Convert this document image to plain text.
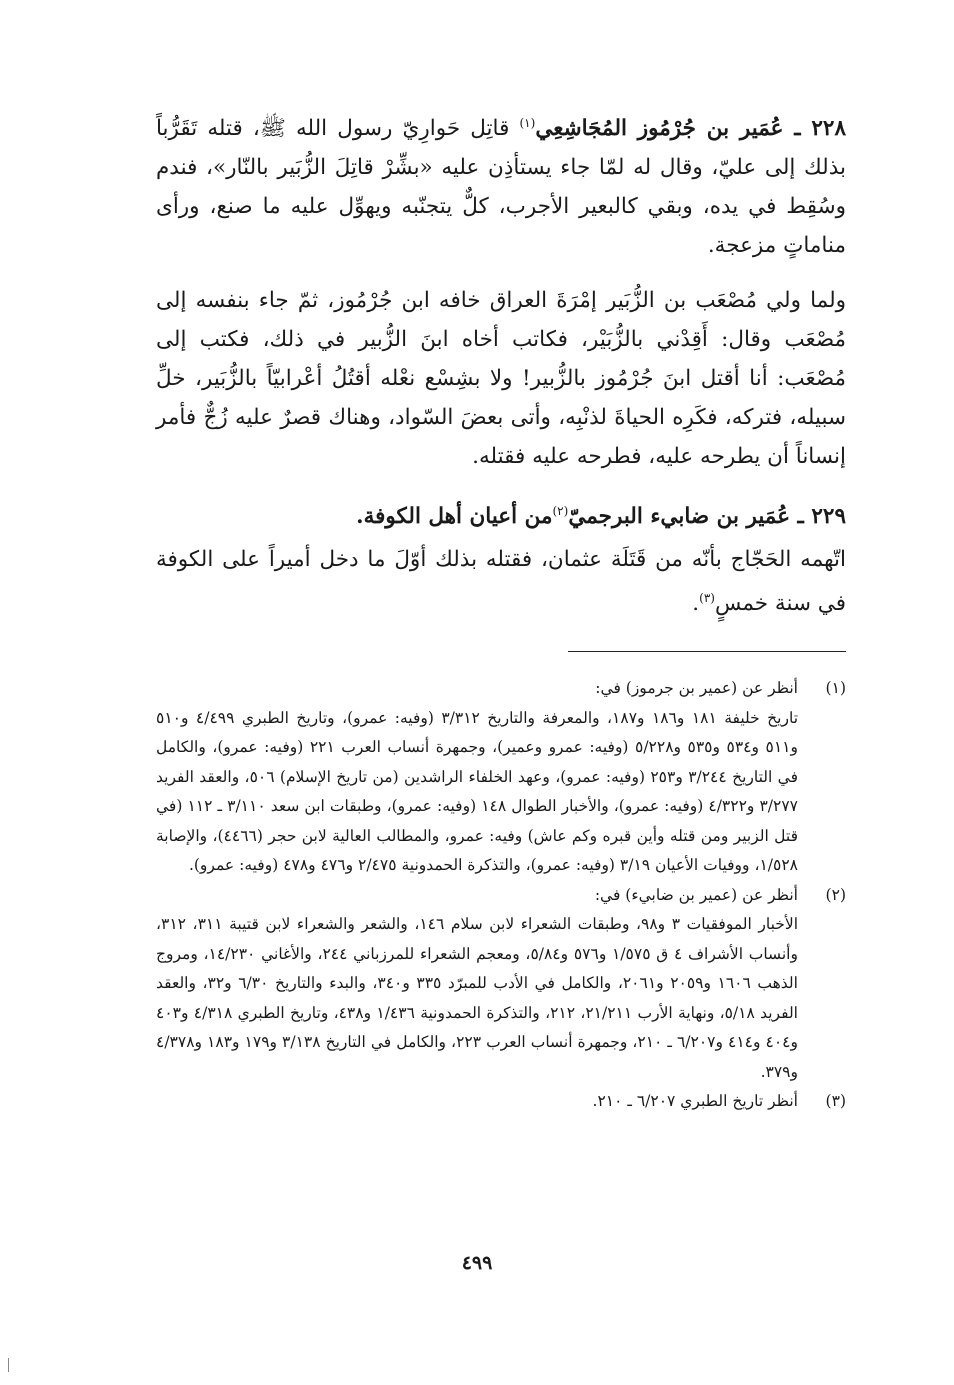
٢٢٨ ـ عُمَير بن جُرْمُوز المُجَاشِعِي$^{(١)}$ قاتِل حَوارِيّ رسول الله ﷺ، قتله تَقَرُّباً بذلك إلى عليّ، وقال له لمّا جاء يستأذِن عليه «بشِّرْ قاتِلَ الزُّبَير بالنّار»، فندم وسُقِط في يده، وبقي كالبعير الأجرب، كلٌّ يتجنّبه ويهوِّل عليه ما صنع، ورأى مناماتٍ مزعجة.

ولما ولي مُصْعَب بن الزُّبَير إمْرَةَ العراق خافه ابن جُرْمُوز، ثمّ جاء بنفسه إلى مُصْعَب وقال: أَقِدْني بالزُّبَيْر، فكاتب أخاه ابنَ الزُّبير في ذلك، فكتب إلى مُصْعَب: أنا أقتل ابنَ جُرْمُوز بالزُّبير! ولا بشِسْع نعْله أقتُلُ أعْرابيّاً بالزُّبَير، خلِّ سبيله، فتركه، فكَرِه الحياةَ لذنْبِه، وأتى بعضَ السّواد، وهناك قصرٌ عليه زُجٌّ فأمر إنساناً أن يطرحه عليه، فطرحه عليه فقتله.

٢٢٩ ـ عُمَير بن ضابيء البرجميّ$^{(٢)}$من أعيان أهل الكوفة.

اتّهمه الحَجّاج بأنّه من قَتَلَة عثمان، فقتله بذلك أوّلَ ما دخل أميراً على الكوفة في سنة خمسٍ$^{(٣)}$.

(١)

أنظر عن (عمير بن جرموز) في:

تاريخ خليفة ١٨١ و١٨٦ و١٨٧، والمعرفة والتاريخ ٣/٣١٢ (وفيه: عمرو)، وتاريخ الطبري ٤/٤٩٩ و٥١٠ و٥١١ و٥٣٤ و٥٣٥ و٥/٢٢٨ (وفيه: عمرو وعمير)، وجمهرة أنساب العرب ٢٢١ (وفيه: عمرو)، والكامل في التاريخ ٣/٢٤٤ و٢٥٣ (وفيه: عمرو)، وعهد الخلفاء الراشدين (من تاريخ الإسلام) ٥٠٦، والعقد الفريد ٣/٢٧٧ و٤/٣٢٢ (وفيه: عمرو)، والأخبار الطوال ١٤٨ (وفيه: عمرو)، وطبقات ابن سعد ٣/١١٠ ـ ١١٢ (في قتل الزبير ومن قتله وأين قبره وكم عاش) وفيه: عمرو، والمطالب العالية لابن حجر (٤٤٦٦)، والإصابة ١/٥٢٨، ووفيات الأعيان ٣/١٩ (وفيه: عمرو)، والتذكرة الحمدونية ٢/٤٧٥ و٤٧٦ و٤٧٨ (وفيه: عمرو).

(٢)

أنظر عن (عمير بن ضابيء) في:

الأخبار الموفقيات ٣ و٩٨، وطبقات الشعراء لابن سلام ١٤٦، والشعر والشعراء لابن قتيبة ٣١١، ٣١٢، وأنساب الأشراف ٤ ق ١/٥٧٥ و٥٧٦ و٥/٨٤، ومعجم الشعراء للمرزباني ٢٤٤، والأغاني ١٤/٢٣٠، ومروج الذهب ١٦٠٦ و٢٠٥٩ و٢٠٦١، والكامل في الأدب للمبرّد ٣٣٥ و٣٤٠، والبدء والتاريخ ٦/٣٠ و٣٢، والعقد الفريد ٥/١٨، ونهاية الأرب ٢١/٢١١، ٢١٢، والتذكرة الحمدونية ١/٤٣٦ و٤٣٨، وتاريخ الطبري ٤/٣١٨ و٤٠٣ و٤٠٤ و٤١٤ و٦/٢٠٧ ـ ٢١٠، وجمهرة أنساب العرب ٢٢٣، والكامل في التاريخ ٣/١٣٨ و١٧٩ و١٨٣ و٤/٣٧٨ و٣٧٩.

(٣)

أنظر تاريخ الطبري ٦/٢٠٧ ـ ٢١٠.

٤٩٩
